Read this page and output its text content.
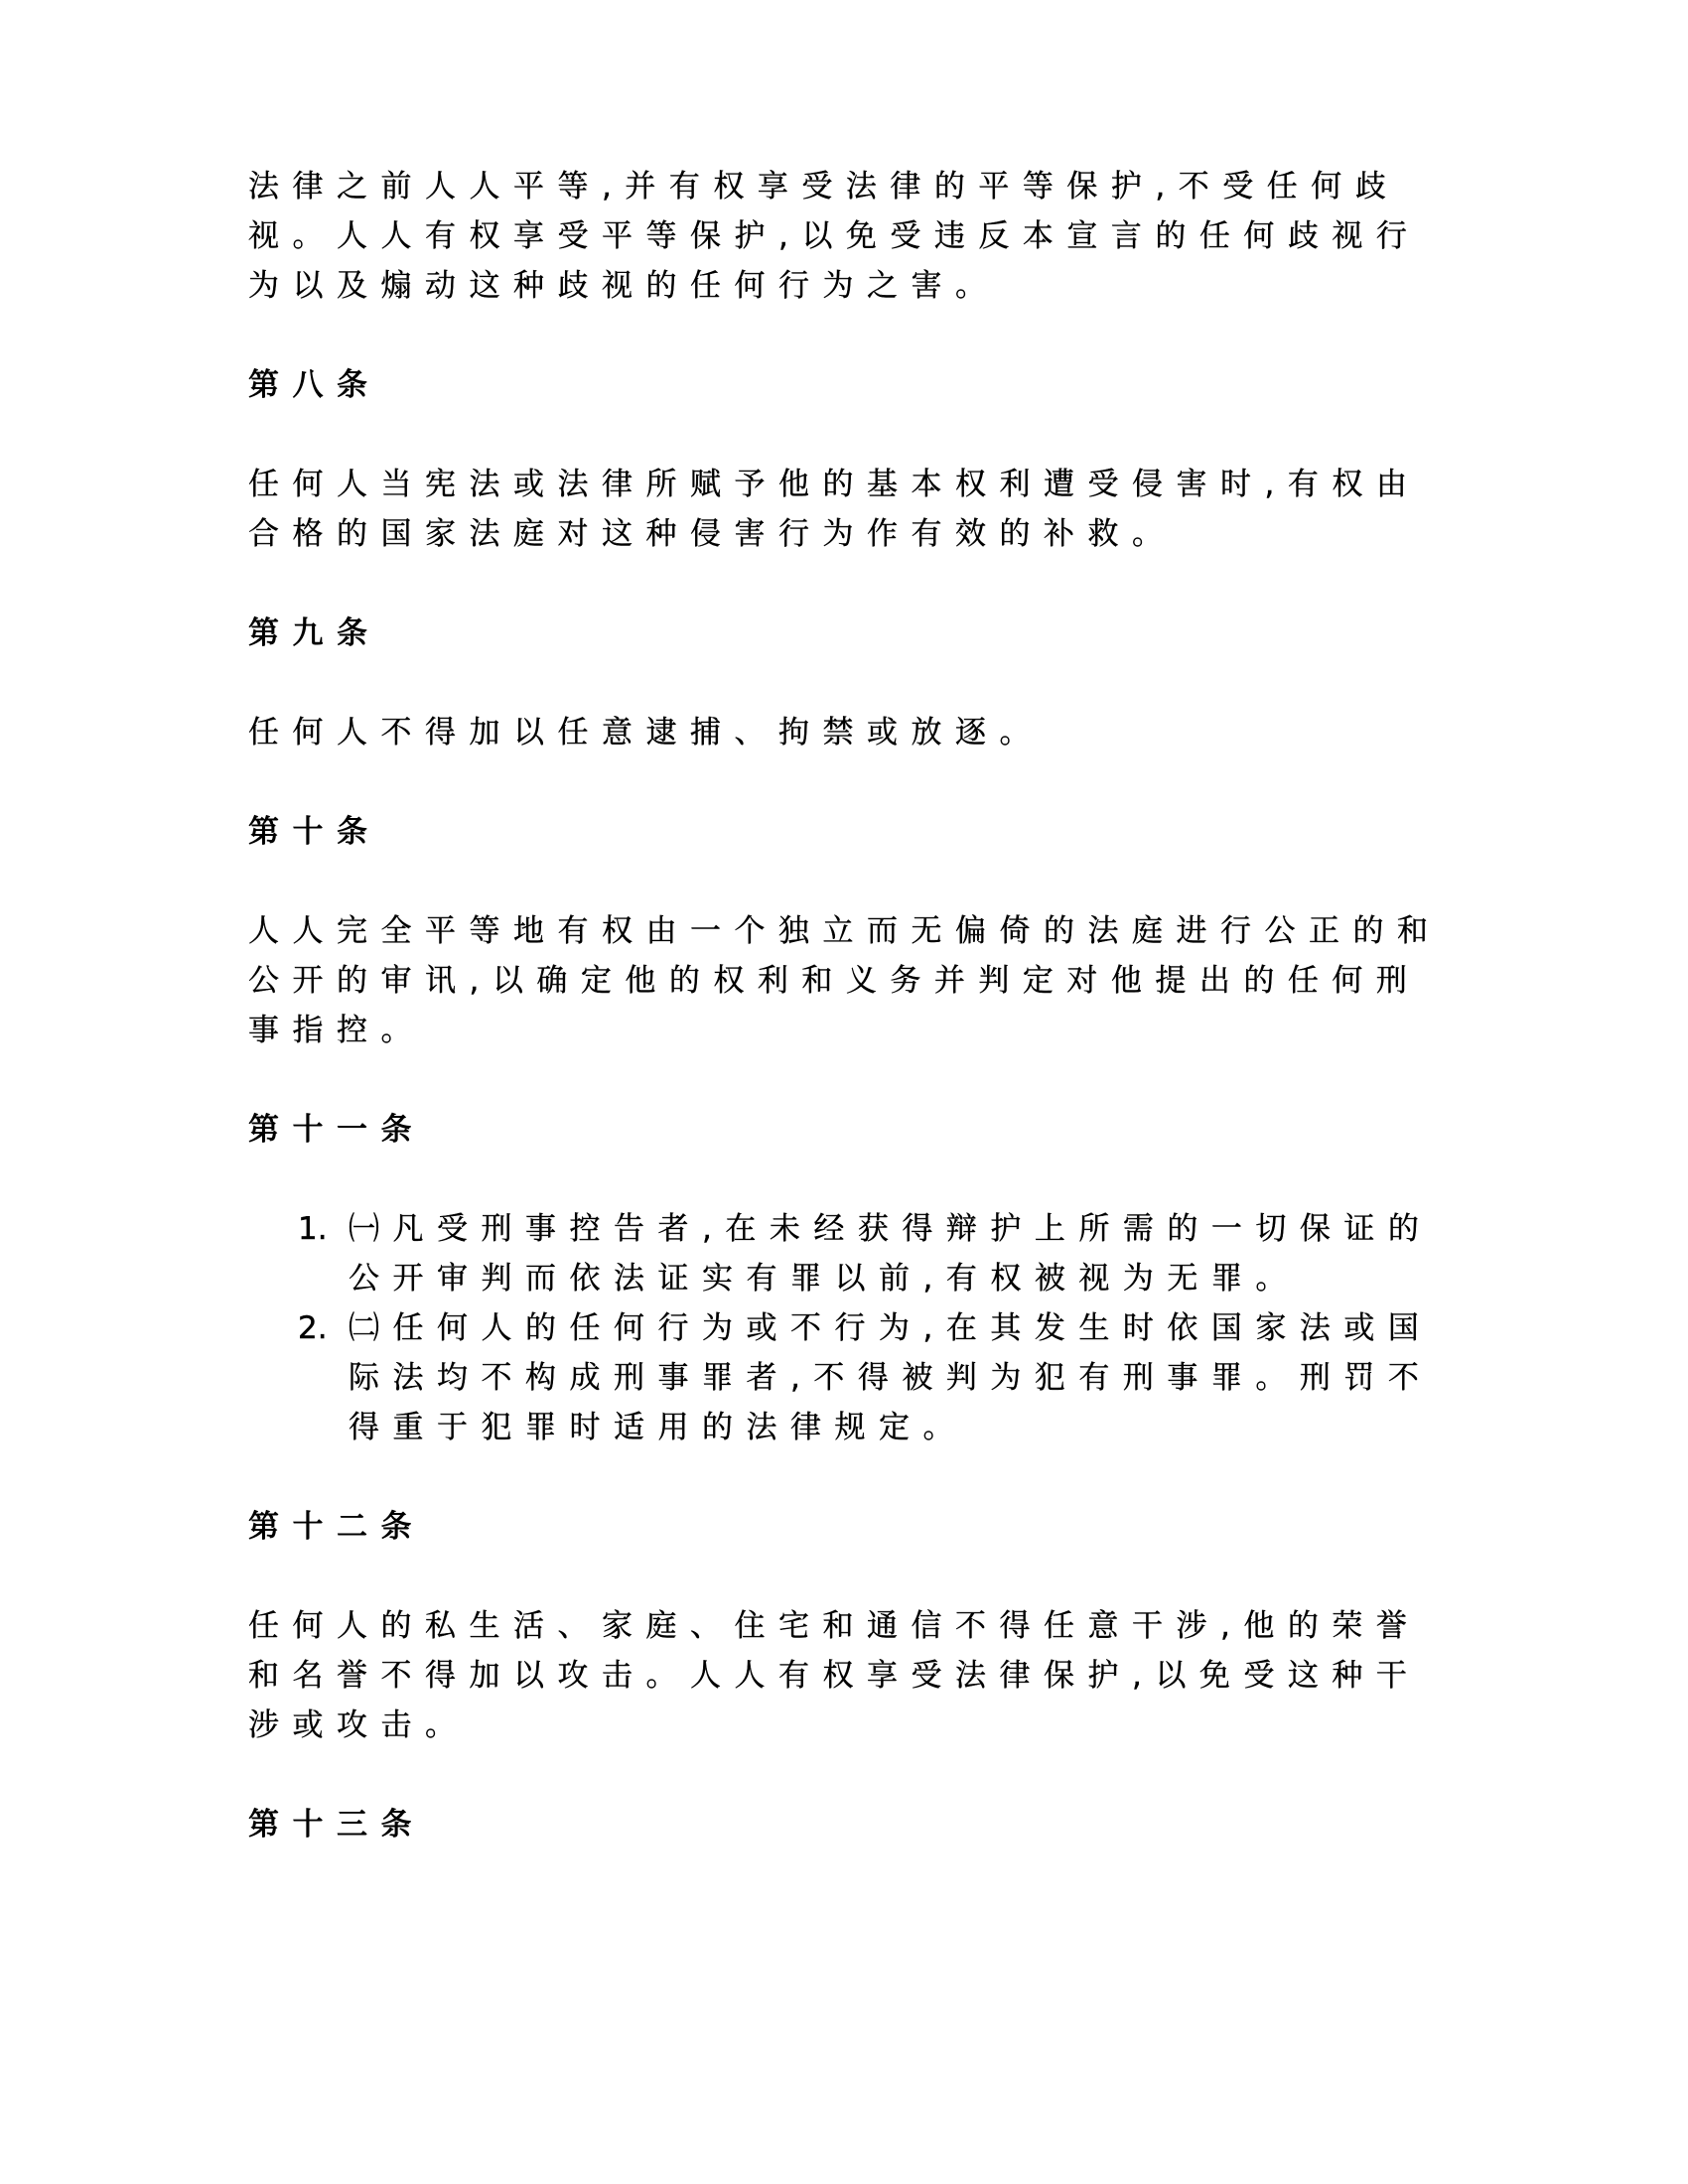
法律之前人人平等,并有权享受法律的平等保护,不受任何歧视。人人有权享受平等保护,以免受违反本宣言的任何歧视行为以及煽动这种歧视的任何行为之害。

第八条

任何人当宪法或法律所赋予他的基本权利遭受侵害时,有权由合格的国家法庭对这种侵害行为作有效的补救。

第九条

任何人不得加以任意逮捕、拘禁或放逐。

第十条

人人完全平等地有权由一个独立而无偏倚的法庭进行公正的和公开的审讯,以确定他的权利和义务并判定对他提出的任何刑事指控。

第十一条
1. ㈠凡受刑事控告者,在未经获得辩护上所需的一切保证的公开审判而依法证实有罪以前,有权被视为无罪。
2. ㈡任何人的任何行为或不行为,在其发生时依国家法或国际法均不构成刑事罪者,不得被判为犯有刑事罪。刑罚不得重于犯罪时适用的法律规定。
第十二条

任何人的私生活、家庭、住宅和通信不得任意干涉,他的荣誉和名誉不得加以攻击。人人有权享受法律保护,以免受这种干涉或攻击。

第十三条
